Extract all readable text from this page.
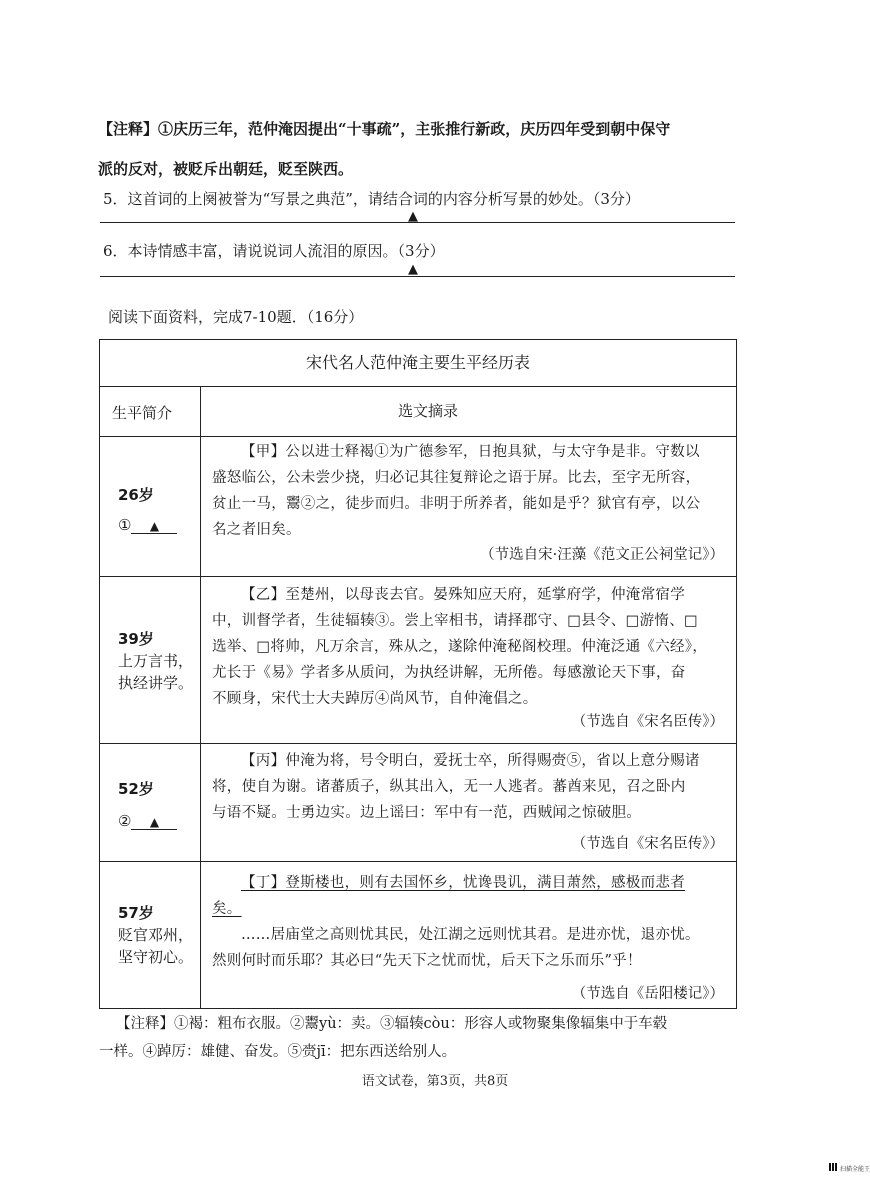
【注释】①庆历三年，范仲淹因提出“十事疏”，主张推行新政，庆历四年受到朝中保守
派的反对，被贬斥出朝廷，贬至陕西。
5．这首词的上阕被誉为“写景之典范”，请结合词的内容分析写景的妙处。（3分）
▲
6．本诗情感丰富，请说说词人流泪的原因。（3分）
▲
阅读下面资料，完成7-10题．（16分）
宋代名人范仲淹主要生平经历表
生平简介	选文摘录
26岁
① ▲
【甲】公以进士释褐①为广德参军，日抱具狱，与太守争是非。守数以
盛怒临公，公未尝少挠，归必记其往复辩论之语于屏。比去，至字无所容，
贫止一马，鬻②之，徒步而归。非明于所养者，能如是乎？狱官有亭，以公
名之者旧矣。
（节选自宋·汪藻《范文正公祠堂记》）
39岁
上万言书，
执经讲学。
【乙】至楚州，以母丧去官。晏殊知应天府，延掌府学，仲淹常宿学
中，训督学者，生徒辐辏③。尝上宰相书，请择郡守、□县令、□游惰、□
选举、□将帅，凡万余言，殊从之，遂除仲淹秘阁校理。仲淹泛通《六经》，
尤长于《易》学者多从质问，为执经讲解，无所倦。每感激论天下事，奋
不顾身，宋代士大夫踔厉④尚风节，自仲淹倡之。
（节选自《宋名臣传》）
52岁
② ▲
【丙】仲淹为将，号令明白，爱抚士卒，所得赐赍⑤，省以上意分赐诸
将，使自为谢。诸蕃质子，纵其出入，无一人逃者。蕃酋来见，召之卧内
与语不疑。士勇边实。边上谣曰：军中有一范，西贼闻之惊破胆。
（节选自《宋名臣传》）
57岁
贬官邓州，
坚守初心。
【丁】登斯楼也，则有去国怀乡，忧谗畏讥，满目萧然，感极而悲者
矣。
……居庙堂之高则忧其民，处江湖之远则忧其君。是进亦忧，退亦忧。
然则何时而乐耶？其必曰“先天下之忧而忧，后天下之乐而乐”乎！
（节选自《岳阳楼记》）
【注释】①褐：粗布衣服。②鬻yù：卖。③辐辏còu：形容人或物聚集像辐集中于车毂
一样。④踔厉：雄健、奋发。⑤赍jī：把东西送给别人。
语文试卷，第3页，共8页
扫描全能王
